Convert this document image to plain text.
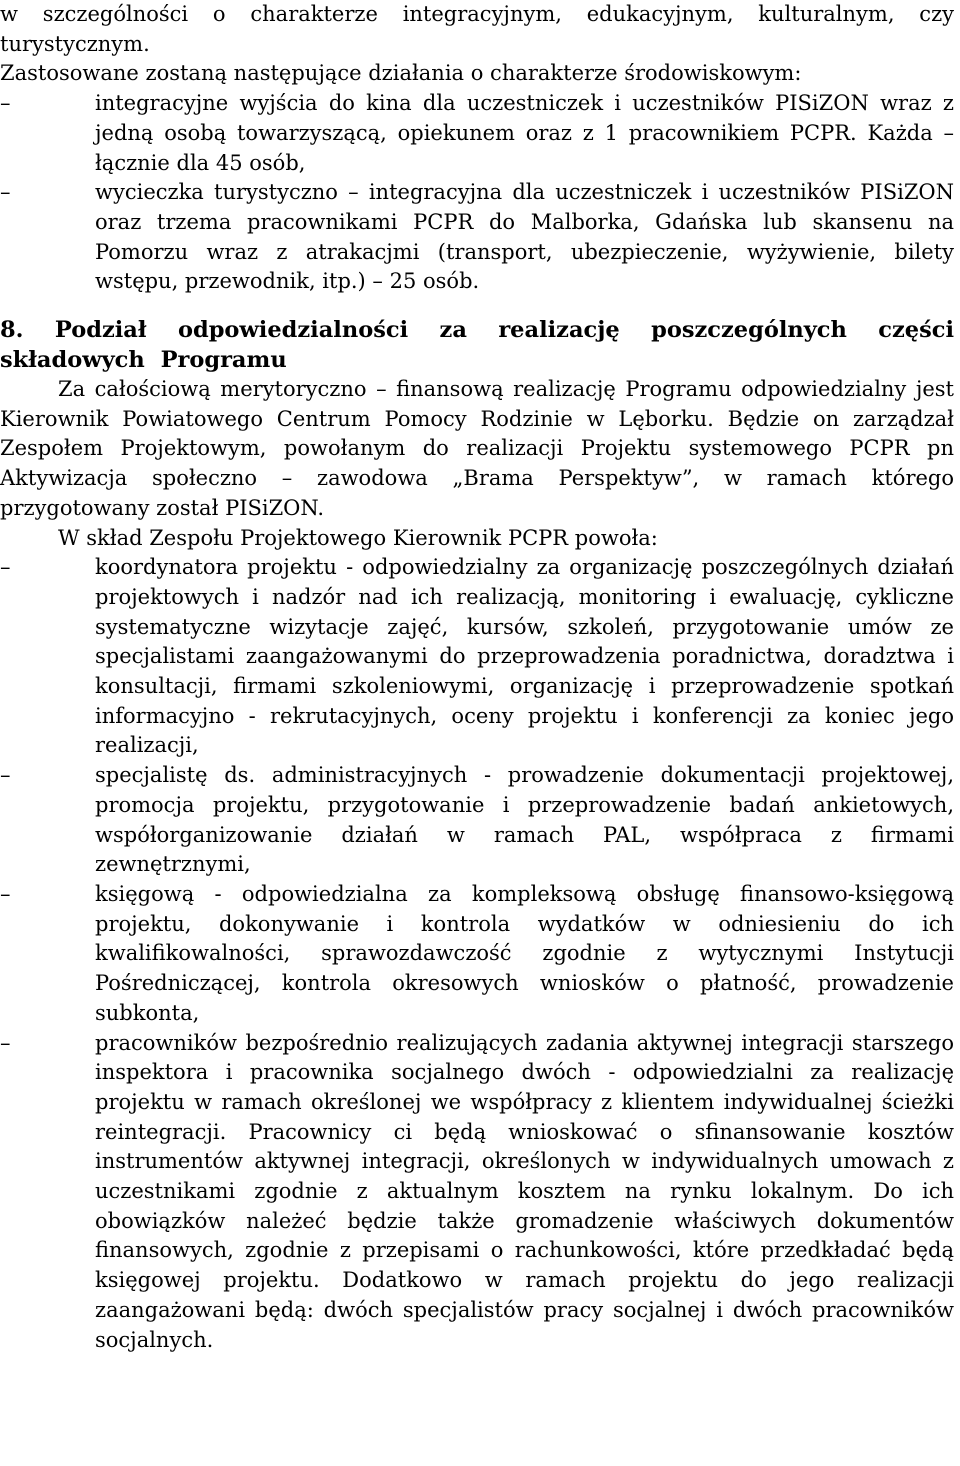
w szczególności o charakterze integracyjnym, edukacyjnym, kulturalnym, czy turystycznym.

Zastosowane zostaną następujące działania o charakterze środowiskowym:

–	integracyjne wyjścia do kina dla uczestniczek i uczestników PISiZON wraz z jedną osobą towarzyszącą, opiekunem oraz z 1 pracownikiem PCPR. Każda – łącznie dla 45 osób,
–	wycieczka turystyczno – integracyjna dla uczestniczek i uczestników PISiZON oraz trzema pracownikami PCPR do Malborka, Gdańska lub skansenu na Pomorzu wraz z atrakacjmi (transport, ubezpieczenie, wyżywienie, bilety wstępu, przewodnik, itp.) – 25 osób.

8. Podział odpowiedzialności za realizację poszczególnych części składowych Programu

Za całościową merytoryczno – finansową realizację Programu odpowiedzialny jest Kierownik Powiatowego Centrum Pomocy Rodzinie w Lęborku. Będzie on zarządzał Zespołem Projektowym, powołanym do realizacji Projektu systemowego PCPR pn Aktywizacja społeczno – zawodowa „Brama Perspektyw”, w ramach którego przygotowany został PISiZON.

W skład Zespołu Projektowego Kierownik PCPR powoła:

–	koordynatora projektu - odpowiedzialny za organizację poszczególnych działań projektowych i nadzór nad ich realizacją, monitoring i ewaluację, cykliczne systematyczne wizytacje zajęć, kursów, szkoleń, przygotowanie umów ze specjalistami zaangażowanymi do przeprowadzenia poradnictwa, doradztwa i konsultacji, firmami szkoleniowymi, organizację i przeprowadzenie spotkań informacyjno - rekrutacyjnych, oceny projektu i konferencji za koniec jego realizacji,
–	specjalistę ds. administracyjnych - prowadzenie dokumentacji projektowej, promocja projektu, przygotowanie i przeprowadzenie badań ankietowych, współorganizowanie działań w ramach PAL, współpraca z firmami zewnętrznymi,
–	księgową - odpowiedzialna za kompleksową obsługę finansowo-księgową projektu, dokonywanie i kontrola wydatków w odniesieniu do ich kwalifikowalności, sprawozdawczość zgodnie z wytycznymi Instytucji Pośredniczącej, kontrola okresowych wniosków o płatność, prowadzenie subkonta,
–	pracowników bezpośrednio realizujących zadania aktywnej integracji starszego inspektora i pracownika socjalnego dwóch - odpowiedzialni za realizację projektu w ramach określonej we współpracy z klientem indywidualnej ścieżki reintegracji. Pracownicy ci będą wnioskować o sfinansowanie kosztów instrumentów aktywnej integracji, określonych w indywidualnych umowach z uczestnikami zgodnie z aktualnym kosztem na rynku lokalnym. Do ich obowiązków należeć będzie także gromadzenie właściwych dokumentów finansowych, zgodnie z przepisami o rachunkowości, które przedkładać będą księgowej projektu. Dodatkowo w ramach projektu do jego realizacji zaangażowani będą: dwóch specjalistów pracy socjalnej i dwóch pracowników socjalnych.
